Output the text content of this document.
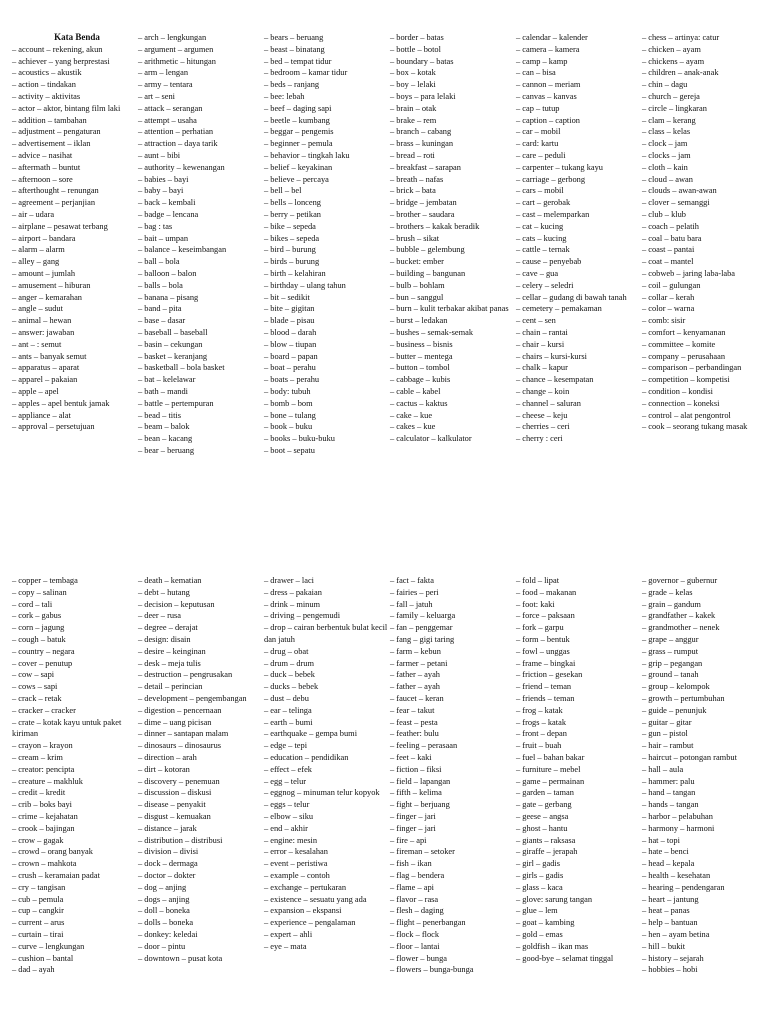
Kata Benda
– account – rekening, akun
– achiever – yang berprestasi
– acoustics – akustik
– action – tindakan
– activity – aktivitas
– actor – aktor, bintang film laki
– addition – tambahan
– adjustment – pengaturan
– advertisement – iklan
– advice – nasihat
– aftermath – buntut
– afternoon – sore
– afterthought – renungan
– agreement – perjanjian
– air – udara
– airplane – pesawat terbang
– airport – bandara
– alarm – alarm
– alley – gang
– amount – jumlah
– amusement – hiburan
– anger – kemarahan
– angle – sudut
– animal – hewan
– answer: jawaban
– ant – : semut
– ants – banyak semut
– apparatus – aparat
– apparel – pakaian
– apple – apel
– apples – apel bentuk jamak
– appliance – alat
– approval – persetujuan
– arch – lengkungan
– argument – argumen
– arithmetic – hitungan
– arm – lengan
– army – tentara
– art – seni
– attack – serangan
– attempt – usaha
– attention – perhatian
– attraction – daya tarik
– aunt – bibi
– authority – kewenangan
– babies – bayi
– baby – bayi
– back – kembali
– badge – lencana
– bag : tas
– bait – umpan
– balance – keseimbangan
– ball – bola
– balloon – balon
– balls – bola
– banana – pisang
– band – pita
– base – dasar
– baseball – baseball
– basin – cekungan
– basket – keranjang
– basketball – bola basket
– bat – kelelawar
– bath – mandi
– battle – pertempuran
– bead – titis
– beam – balok
– bean – kacang
– bear – beruang
– bears – beruang
– beast – binatang
– bed – tempat tidur
– bedroom – kamar tidur
– beds – ranjang
– bee: lebah
– beef – daging sapi
– beetle – kumbang
– beggar – pengemis
– beginner – pemula
– behavior – tingkah laku
– belief – keyakinan
– believe – percaya
– bell – bel
– bells – lonceng
– berry – petikan
– bike – sepeda
– bikes – sepeda
– bird – burung
– birds – burung
– birth – kelahiran
– birthday – ulang tahun
– bit – sedikit
– bite – gigitan
– blade – pisau
– blood – darah
– blow – tiupan
– board – papan
– boat – perahu
– boats – perahu
– body: tubuh
– bomb – bom
– bone – tulang
– book – buku
– books – buku-buku
– boot – sepatu
– border – batas
– bottle – botol
– boundary – batas
– box – kotak
– boy – lelaki
– boys – para lelaki
– brain – otak
– brake – rem
– branch – cabang
– brass – kuningan
– bread – roti
– breakfast – sarapan
– breath – nafas
– brick – bata
– bridge – jembatan
– brother – saudara
– brothers – kakak beradik
– brush – sikat
– bubble – gelembung
– bucket: ember
– building – bangunan
– bulb – bohlam
– bun – sanggul
– burn – kulit terbakar akibat panas
– burst – ledakan
– bushes – semak-semak
– business – bisnis
– butter – mentega
– button – tombol
– cabbage – kubis
– cable – kabel
– cactus – kaktus
– cake – kue
– cakes – kue
– calculator – kalkulator
– calendar – kalender
– camera – kamera
– camp – kamp
– can – bisa
– cannon – meriam
– canvas – kanvas
– cap – tutup
– caption – caption
– car – mobil
– card: kartu
– care – peduli
– carpenter – tukang kayu
– carriage – gerbong
– cars – mobil
– cart – gerobak
– cast – melemparkan
– cat – kucing
– cats – kucing
– cattle – ternak
– cause – penyebab
– cave – gua
– celery – seledri
– cellar – gudang di bawah tanah
– cemetery – pemakaman
– cent – sen
– chain – rantai
– chair – kursi
– chairs – kursi-kursi
– chalk – kapur
– chance – kesempatan
– change – koin
– channel – saluran
– cheese – keju
– cherries – ceri
– cherry : ceri
– chess – artinya: catur
– chicken – ayam
– chickens – ayam
– children – anak-anak
– chin – dagu
– church – gereja
– circle – lingkaran
– clam – kerang
– class – kelas
– clock – jam
– clocks – jam
– cloth – kain
– cloud – awan
– clouds – awan-awan
– clover – semanggi
– club – klub
– coach – pelatih
– coal – batu bara
– coast – pantai
– coat – mantel
– cobweb – jaring laba-laba
– coil – gulungan
– collar – kerah
– color – warna
– comb: sisir
– comfort – kenyamanan
– committee – komite
– company – perusahaan
– comparison – perbandingan
– competition – kompetisi
– condition – kondisi
– connection – koneksi
– control – alat pengontrol
– cook – seorang tukang masak
– copper – tembaga
– copy – salinan
– cord – tali
– cork – gabus
– corn – jagung
– cough – batuk
– country – negara
– cover – penutup
– cow – sapi
– cows – sapi
– crack – retak
– cracker – cracker
– crate – kotak kayu untuk paket kiriman
– crayon – krayon
– cream – krim
– creator: pencipta
– creature – makhluk
– credit – kredit
– crib – boks bayi
– crime – kejahatan
– crook – bajingan
– crow – gagak
– crowd – orang banyak
– crown – mahkota
– crush – keramaian padat
– cry – tangisan
– cub – pemula
– cup – cangkir
– current – arus
– curtain – tirai
– curve – lengkungan
– cushion – bantal
– dad – ayah
– death – kematian
– debt – hutang
– decision – keputusan
– deer – rusa
– degree – derajat
– design: disain
– desire – keinginan
– desk – meja tulis
– destruction – pengrusakan
– detail – perincian
– development – pengembangan
– digestion – pencernaan
– dime – uang picisan
– dinner – santapan malam
– dinosaurs – dinosaurus
– direction – arah
– dirt – kotoran
– discovery – penemuan
– discussion – diskusi
– disease – penyakit
– disgust – kemuakan
– distance – jarak
– distribution – distribusi
– division – divisi
– dock – dermaga
– doctor – dokter
– dog – anjing
– dogs – anjing
– doll – boneka
– dolls – boneka
– donkey: keledai
– door – pintu
– downtown – pusat kota
– drawer – laci
– dress – pakaian
– drink – minum
– driving – pengemudi
– drop – cairan berbentuk bulat kecil dan jatuh
– drug – obat
– drum – drum
– duck – bebek
– ducks – bebek
– dust – debu
– ear – telinga
– earth – bumi
– earthquake – gempa bumi
– edge – tepi
– education – pendidikan
– effect – efek
– egg – telur
– eggnog – minuman telur kopyok
– eggs – telur
– elbow – siku
– end – akhir
– engine: mesin
– error – kesalahan
– event – peristiwa
– example – contoh
– exchange – pertukaran
– existence – sesuatu yang ada
– expansion – ekspansi
– experience – pengalaman
– expert – ahli
– eye – mata
– fact – fakta
– fairies – peri
– fall – jatuh
– family – keluarga
– fan – penggemar
– fang – gigi taring
– farm – kebun
– farmer – petani
– father – ayah
– father – ayah
– faucet – keran
– fear – takut
– feast – pesta
– feather: bulu
– feeling – perasaan
– feet – kaki
– fiction – fiksi
– field – lapangan
– fifth – kelima
– fight – berjuang
– finger – jari
– finger – jari
– fire – api
– fireman – setoker
– fish – ikan
– flag – bendera
– flame – api
– flavor – rasa
– flesh – daging
– flight – penerbangan
– flock – flock
– floor – lantai
– flower – bunga
– flowers – bunga-bunga
– fold – lipat
– food – makanan
– foot: kaki
– force – paksaan
– fork – garpu
– form – bentuk
– fowl – unggas
– frame – bingkai
– friction – gesekan
– friend – teman
– friends – teman
– frog – katak
– frogs – katak
– front – depan
– fruit – buah
– fuel – bahan bakar
– furniture – mebel
– game – permainan
– garden – taman
– gate – gerbang
– geese – angsa
– ghost – hantu
– giants – raksasa
– giraffe – jerapah
– girl – gadis
– girls – gadis
– glass – kaca
– glove: sarung tangan
– glue – lem
– goat – kambing
– gold – emas
– goldfish – ikan mas
– good-bye – selamat tinggal
– governor – gubernur
– grade – kelas
– grain – gandum
– grandfather – kakek
– grandmother – nenek
– grape – anggur
– grass – rumput
– grip – pegangan
– ground – tanah
– group – kelompok
– growth – pertumbuhan
– guide – penunjuk
– guitar – gitar
– gun – pistol
– hair – rambut
– haircut – potongan rambut
– hall – aula
– hammer: palu
– hand – tangan
– hands – tangan
– harbor – pelabuhan
– harmony – harmoni
– hat – topi
– hate – benci
– head – kepala
– health – kesehatan
– hearing – pendengaran
– heart – jantung
– heat – panas
– help – bantuan
– hen – ayam betina
– hill – bukit
– history – sejarah
– hobbies – hobi
